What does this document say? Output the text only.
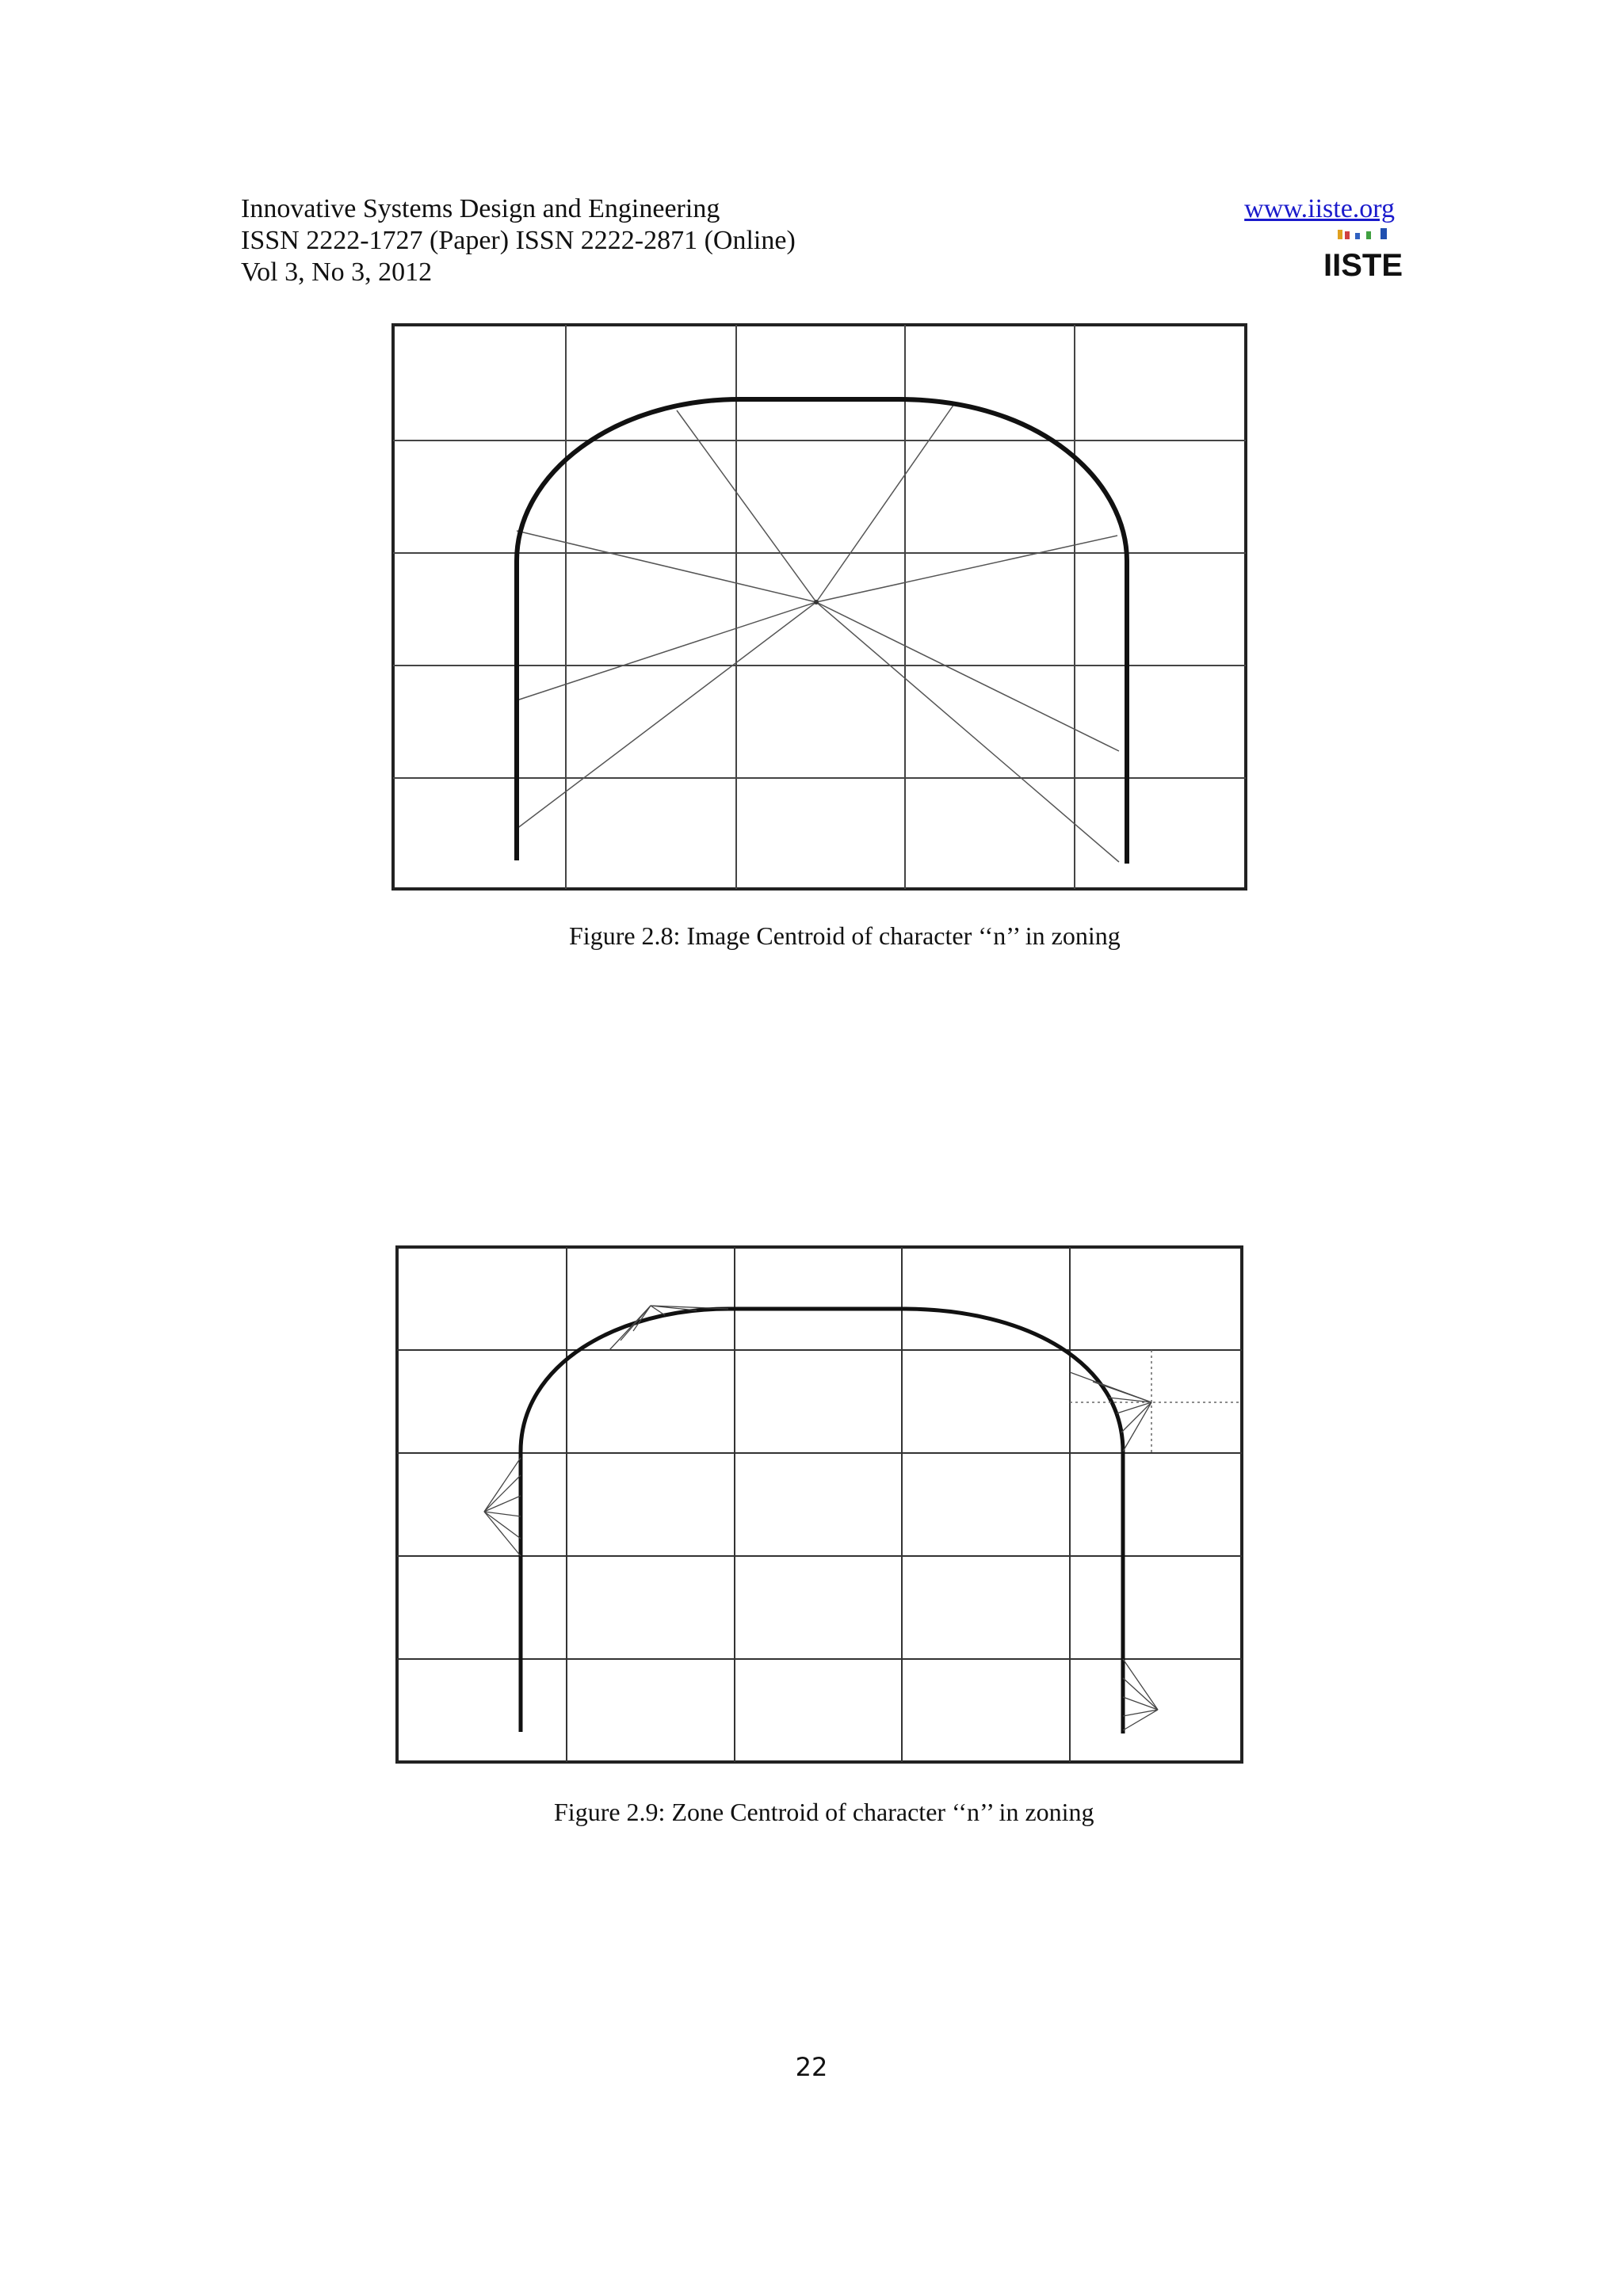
Innovative Systems Design and Engineering
ISSN 2222-1727 (Paper) ISSN 2222-2871 (Online)
Vol 3, No 3, 2012
www.iiste.org
IISTE
Figure 2.8: Image Centroid of character ‘‘n’’ in zoning
Figure 2.9: Zone Centroid of character ‘‘n’’ in zoning
22
